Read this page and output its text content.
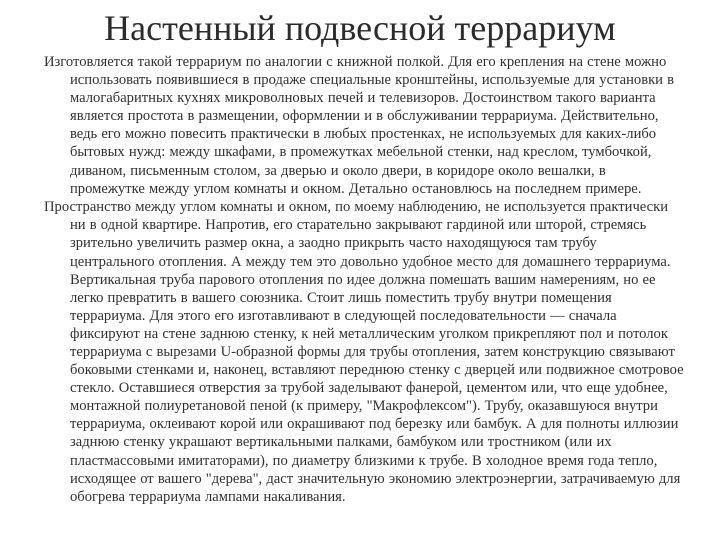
Настенный подвесной террариум

Изготовляется такой террариум по аналогии с книжной полкой. Для его крепления на стене можно использовать появившиеся в продаже специальные кронштейны, используемые для установки в малогабаритных кухнях микроволновых печей и телевизоров. Достоинством такого варианта является простота в размещении, оформлении и в обслуживании террариума. Действительно, ведь его можно повесить практически в любых простенках, не используемых для каких-либо бытовых нужд: между шкафами, в промежутках мебельной стенки, над креслом, тумбочкой, диваном, письменным столом, за дверью и около двери, в коридоре около вешалки, в промежутке между углом комнаты и окном. Детально остановлюсь на последнем примере.

Пространство между углом комнаты и окном, по моему наблюдению, не используется практически ни в одной квартире. Напротив, его старательно закрывают гардиной или шторой, стремясь зрительно увеличить размер окна, а заодно прикрыть часто находящуюся там трубу центрального отопления. А между тем это довольно удобное место для домашнего террариума. Вертикальная труба парового отопления по идее должна помешать вашим намерениям, но ее легко превратить в вашего союзника. Стоит лишь поместить трубу внутри помещения террариума. Для этого его изготавливают в следующей последовательности — сначала фиксируют на стене заднюю стенку, к ней металлическим уголком прикрепляют пол и потолок террариума с вырезами U-образной формы для трубы отопления, затем конструкцию связывают боковыми стенками и, наконец, вставляют переднюю стенку с дверцей или подвижное смотровое стекло. Оставшиеся отверстия за трубой заделывают фанерой, цементом или, что еще удобнее, монтажной полиуретановой пеной (к примеру, "Макрофлексом"). Трубу, оказавшуюся внутри террариума, оклеивают корой или окрашивают под березку или бамбук. А для полноты иллюзии заднюю стенку украшают вертикальными палками, бамбуком или тростником (или их пластмассовыми имитаторами), по диаметру близкими к трубе. В холодное время года тепло, исходящее от вашего "дерева", даст значительную экономию электроэнергии, затрачиваемую для обогрева террариума лампами накаливания.
